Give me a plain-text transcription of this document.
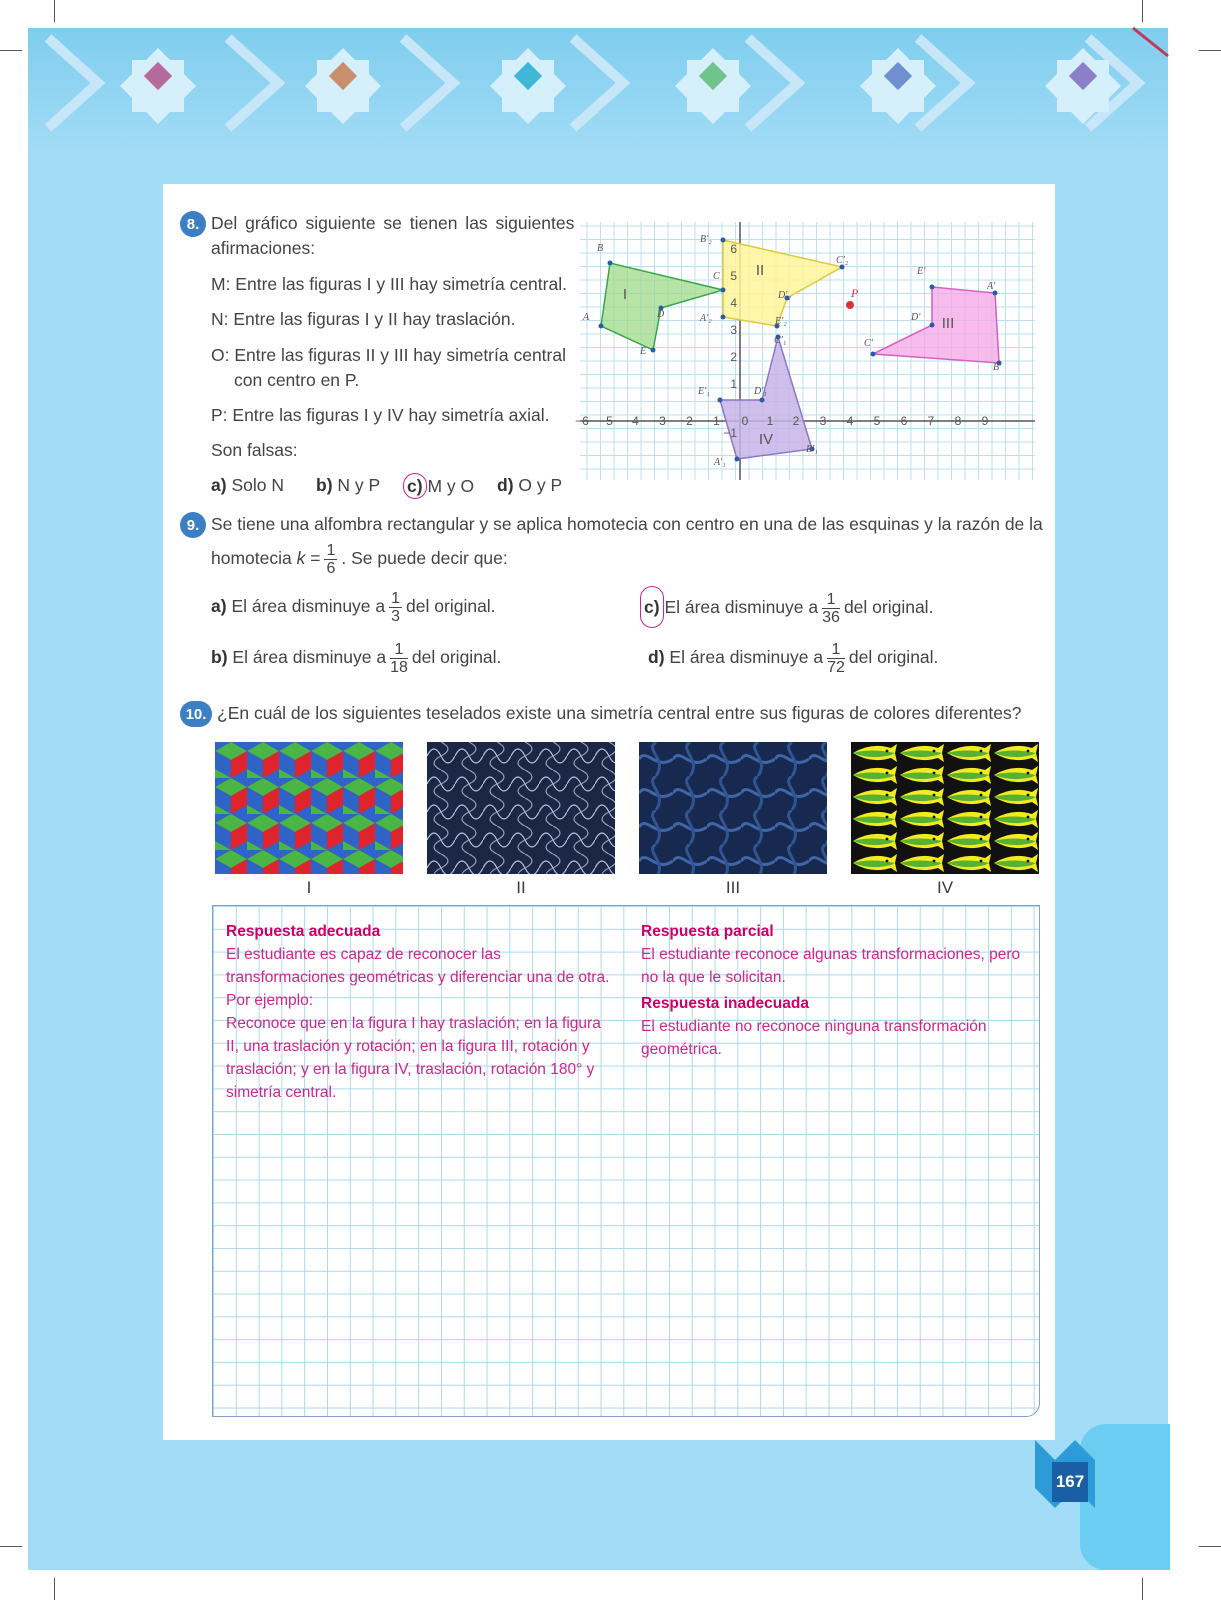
8. Del gráfico siguiente se tienen las siguientes
afirmaciones:
M: Entre las figuras I y III hay simetría central.
N: Entre las figuras I y II hay traslación.
O: Entre las figuras II y III hay simetría central
con centro en P.
P: Entre las figuras I y IV hay simetría axial.
Son falsas:
a) Solo N b) N y P c) M y O d) O y P
−6 −5 −4 −3 −2 −1 0 1 2 3 4 5 6 7 8 9
1
2
3
4
5
6
−1
I
II
III
IV
B
A	D
E
C
B'₂
A'₂
C'₂
D'₂
E'₂
C'₁
D'₁
E'₁
A'₁
B'₁
E'
A'
D'
C'
B'
P
9. Se tiene una alfombra rectangular y se aplica homotecia con centro en una de las esquinas y la razón de la
homotecia $k = \frac{1}{6}$ . Se puede decir que:
a) El área disminuye a $\frac{1}{3}$ del original.	c) El área disminuye a $\frac{1}{36}$ del original.
b) El área disminuye a $\frac{1}{18}$ del original.	d) El área disminuye a $\frac{1}{72}$ del original.
10. ¿En cuál de los siguientes teselados existe una simetría central entre sus figuras de colores diferentes?
I	II	III	IV
Respuesta adecuada
El estudiante es capaz de reconocer las
transformaciones geométricas y diferenciar una de otra.
Por ejemplo:
Reconoce que en la figura I hay traslación; en la figura
II, una traslación y rotación; en la figura III, rotación y
traslación; y en la figura IV, traslación, rotación 180° y
simetría central.
Respuesta parcial
El estudiante reconoce algunas transformaciones, pero
no la que le solicitan.
Respuesta inadecuada
El estudiante no reconoce ninguna transformación
geométrica.
167
